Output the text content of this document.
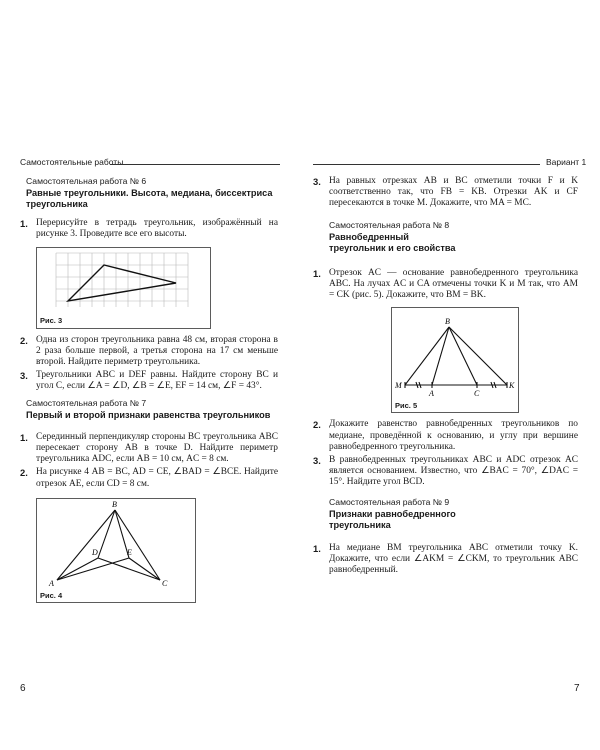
Самостоятельные работы	Вариант 1
Самостоятельная работа № 6
Равные треугольники. Высота, медиана, биссектриса треугольника
1. Перерисуйте в тетрадь треугольник, изображённый на рисунке 3. Проведите все его высоты.
Рис. 3
2. Одна из сторон треугольника равна 48 см, вторая сторона в 2 раза больше первой, а третья сторона на 17 см меньше второй. Найдите периметр треугольника.
3. Треугольники ABC и DEF равны. Найдите сторону BC и угол C, если ∠A = ∠D, ∠B = ∠E, EF = 14 см, ∠F = 43°.
Самостоятельная работа № 7
Первый и второй признаки равенства треугольников
1. Серединный перпендикуляр стороны BC треугольника ABC пересекает сторону AB в точке D. Найдите периметр треугольника ADC, если AB = 10 см, AC = 8 см.
2. На рисунке 4 AB = BC, AD = CE, ∠BAD = ∠BCE. Найдите отрезок AE, если CD = 8 см.
B
A	C
D	E
Рис. 4
6
3. На равных отрезках AB и BC отметили точки F и K соответственно так, что FB = KB. Отрезки AK и CF пересекаются в точке M. Докажите, что MA = MC.
Самостоятельная работа № 8
Равнобедренный треугольник и его свойства
1. Отрезок AC — основание равнобедренного треугольника ABC. На лучах AC и CA отмечены точки K и M так, что AM = CK (рис. 5). Докажите, что BM = BK.
B
M
A	C
K
Рис. 5
2. Докажите равенство равнобедренных треугольников по медиане, проведённой к основанию, и углу при вершине равнобедренного треугольника.
3. В равнобедренных треугольниках ABC и ADC отрезок AC является основанием. Известно, что ∠BAC = 70°, ∠DAC = 15°. Найдите угол BCD.
Самостоятельная работа № 9
Признаки равнобедренного треугольника
1. На медиане BM треугольника ABC отметили точку K. Докажите, что если ∠AKM = ∠CKM, то треугольник ABC равнобедренный.
7
